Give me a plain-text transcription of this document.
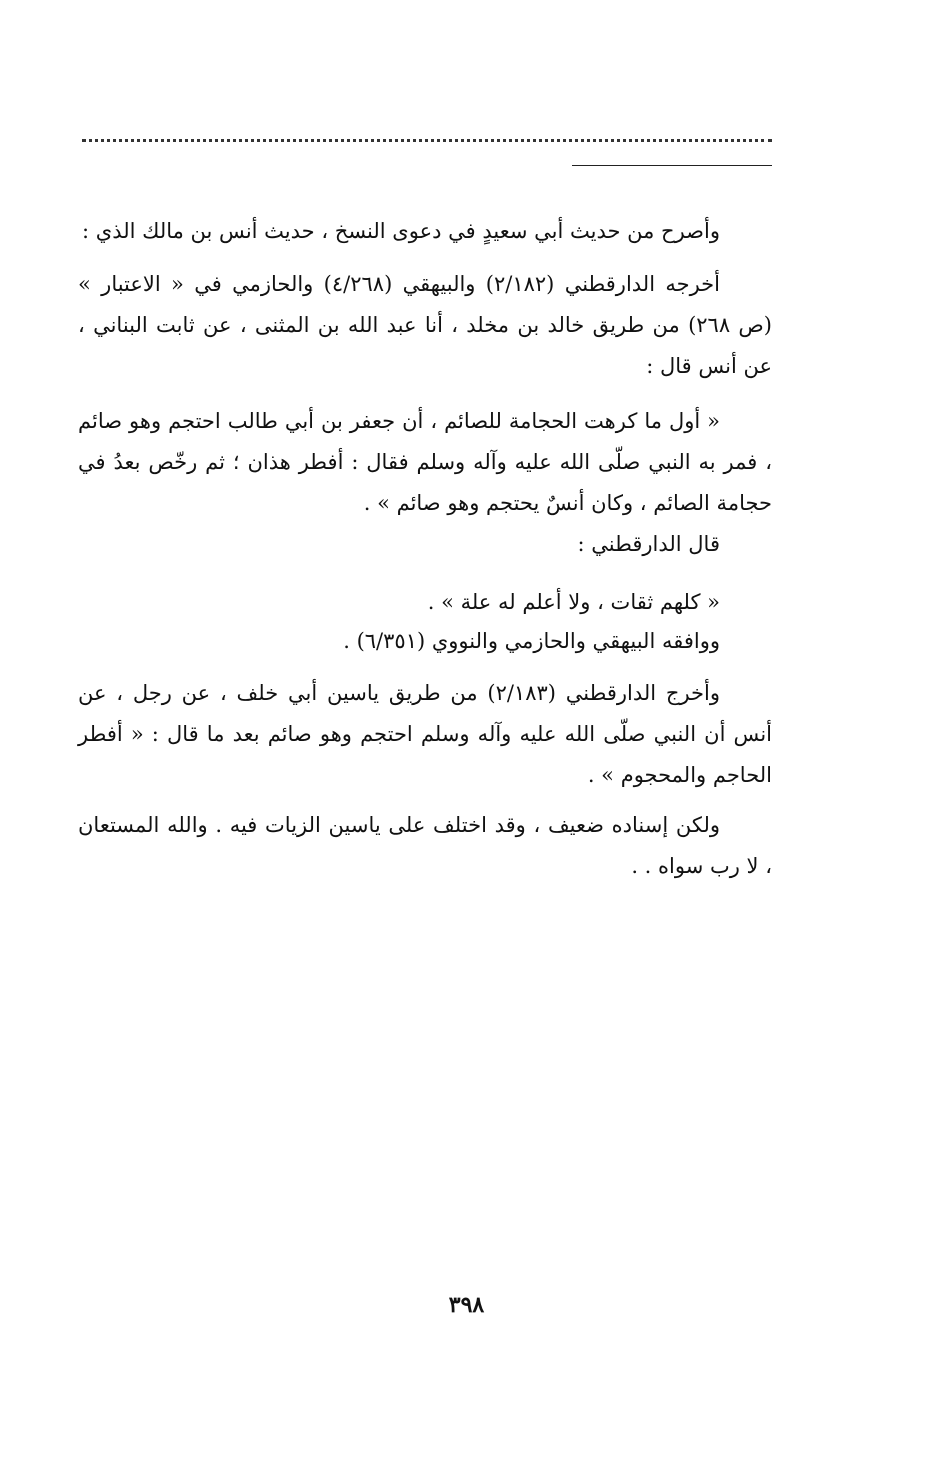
وأصرح من حديث أبي سعيدٍ في دعوى النسخ ، حديث أنس بن مالك الذي :

أخرجه الدارقطني (٢/١٨٢) والبيهقي (٤/٢٦٨) والحازمي في « الاعتبار » (ص ٢٦٨) من طريق خالد بن مخلد ، أنا عبد الله بن المثنى ، عن ثابت البناني ، عن أنس قال :

« أول ما كرهت الحجامة للصائم ، أن جعفر بن أبي طالب احتجم وهو صائم ، فمر به النبي صلّى الله عليه وآله وسلم فقال : أفطر هذان ؛ ثم رخّص بعدُ في حجامة الصائم ، وكان أنسٌ يحتجم وهو صائم » .

قال الدارقطني :

« كلهم ثقات ، ولا أعلم له علة » .

ووافقه البيهقي والحازمي والنووي (٦/٣٥١) .

وأخرج الدارقطني (٢/١٨٣) من طريق ياسين أبي خلف ، عن رجل ، عن أنس أن النبي صلّى الله عليه وآله وسلم احتجم وهو صائم بعد ما قال : « أفطر الحاجم والمحجوم » .

ولكن إسناده ضعيف ، وقد اختلف على ياسين الزيات فيه . والله المستعان ، لا رب سواه . .

٣٩٨
